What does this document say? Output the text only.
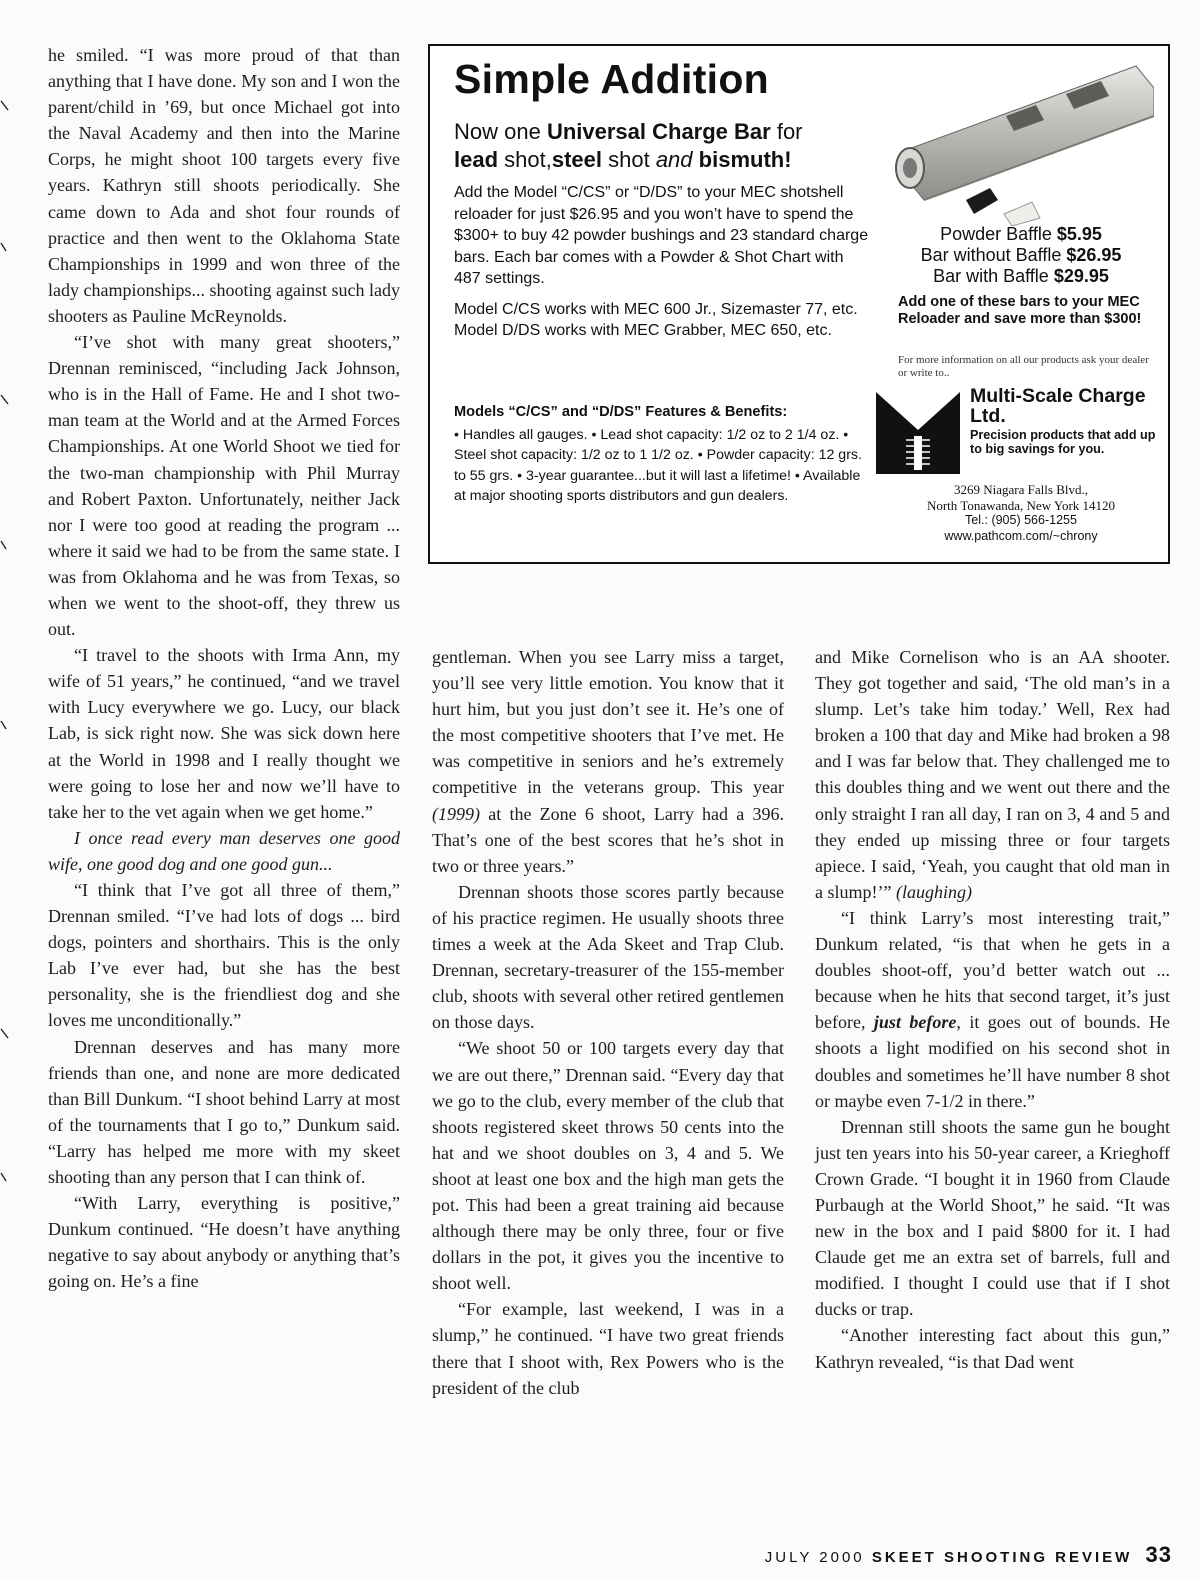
he smiled. “I was more proud of that than anything that I have done. My son and I won the parent/child in ’69, but once Michael got into the Naval Academy and then into the Marine Corps, he might shoot 100 targets every five years. Kathryn still shoots periodically. She came down to Ada and shot four rounds of practice and then went to the Oklahoma State Championships in 1999 and won three of the lady championships... shooting against such lady shooters as Pauline McReynolds.

“I’ve shot with many great shooters,” Drennan reminisced, “including Jack Johnson, who is in the Hall of Fame. He and I shot two-man team at the World and at the Armed Forces Championships. At one World Shoot we tied for the two-man championship with Phil Murray and Robert Paxton. Unfortunately, neither Jack nor I were too good at reading the program ... where it said we had to be from the same state. I was from Oklahoma and he was from Texas, so when we went to the shoot-off, they threw us out.

“I travel to the shoots with Irma Ann, my wife of 51 years,” he continued, “and we travel with Lucy everywhere we go. Lucy, our black Lab, is sick right now. She was sick down here at the World in 1998 and I really thought we were going to lose her and now we’ll have to take her to the vet again when we get home.”

I once read every man deserves one good wife, one good dog and one good gun...

“I think that I’ve got all three of them,” Drennan smiled. “I’ve had lots of dogs ... bird dogs, pointers and shorthairs. This is the only Lab I’ve ever had, but she has the best personality, she is the friendliest dog and she loves me unconditionally.”

Drennan deserves and has many more friends than one, and none are more dedicated than Bill Dunkum. “I shoot behind Larry at most of the tournaments that I go to,” Dunkum said. “Larry has helped me more with my skeet shooting than any person that I can think of.

“With Larry, everything is positive,” Dunkum continued. “He doesn’t have anything negative to say about anybody or anything that’s going on. He’s a fine

Simple Addition
Now one Universal Charge Bar for
lead shot,steel shot and bismuth!

Add the Model “C/CS” or “D/DS” to your MEC shotshell reloader for just $26.95 and you won’t have to spend the $300+ to buy 42 powder bushings and 23 standard charge bars. Each bar comes with a Powder & Shot Chart with 487 settings.

Model C/CS works with MEC 600 Jr., Sizemaster 77, etc. Model D/DS works with MEC Grabber, MEC 650, etc.

Models “C/CS” and “D/DS” Features & Benefits:
• Handles all gauges. • Lead shot capacity: 1/2 oz to 2 1/4 oz. • Steel shot capacity: 1/2 oz to 1 1/2 oz. • Powder capacity: 12 grs. to 55 grs. • 3-year guarantee...but it will last a lifetime! • Available at major shooting sports distributors and gun dealers.
Powder Baffle $5.95
Bar without Baffle $26.95
Bar with Baffle $29.95
Add one of these bars to your MEC Reloader and save more than $300!
For more information on all our products ask your dealer or write to..
Multi-Scale Charge Ltd.
Precision products that add up to big savings for you.
3269 Niagara Falls Blvd.,
North Tonawanda, New York 14120
Tel.: (905) 566-1255
www.pathcom.com/~chrony

gentleman. When you see Larry miss a target, you’ll see very little emotion. You know that it hurt him, but you just don’t see it. He’s one of the most competitive shooters that I’ve met. He was competitive in seniors and he’s extremely competitive in the veterans group. This year (1999) at the Zone 6 shoot, Larry had a 396. That’s one of the best scores that he’s shot in two or three years.”

Drennan shoots those scores partly because of his practice regimen. He usually shoots three times a week at the Ada Skeet and Trap Club. Drennan, secretary-treasurer of the 155-member club, shoots with several other retired gentlemen on those days.

“We shoot 50 or 100 targets every day that we are out there,” Drennan said. “Every day that we go to the club, every member of the club that shoots registered skeet throws 50 cents into the hat and we shoot doubles on 3, 4 and 5. We shoot at least one box and the high man gets the pot. This had been a great training aid because although there may be only three, four or five dollars in the pot, it gives you the incentive to shoot well.

“For example, last weekend, I was in a slump,” he continued. “I have two great friends there that I shoot with, Rex Powers who is the president of the club

and Mike Cornelison who is an AA shooter. They got together and said, ‘The old man’s in a slump. Let’s take him today.’ Well, Rex had broken a 100 that day and Mike had broken a 98 and I was far below that. They challenged me to this doubles thing and we went out there and the only straight I ran all day, I ran on 3, 4 and 5 and they ended up missing three or four targets apiece. I said, ‘Yeah, you caught that old man in a slump!’” (laughing)

“I think Larry’s most interesting trait,” Dunkum related, “is that when he gets in a doubles shoot-off, you’d better watch out ... because when he hits that second target, it’s just before, just before, it goes out of bounds. He shoots a light modified on his second shot in doubles and sometimes he’ll have number 8 shot or maybe even 7-1/2 in there.”

Drennan still shoots the same gun he bought just ten years into his 50-year career, a Krieghoff Crown Grade. “I bought it in 1960 from Claude Purbaugh at the World Shoot,” he said. “It was new in the box and I paid $800 for it. I had Claude get me an extra set of barrels, full and modified. I thought I could use that if I shot ducks or trap.

“Another interesting fact about this gun,” Kathryn revealed, “is that Dad went

JULY 2000 SKEET SHOOTING REVIEW 33
